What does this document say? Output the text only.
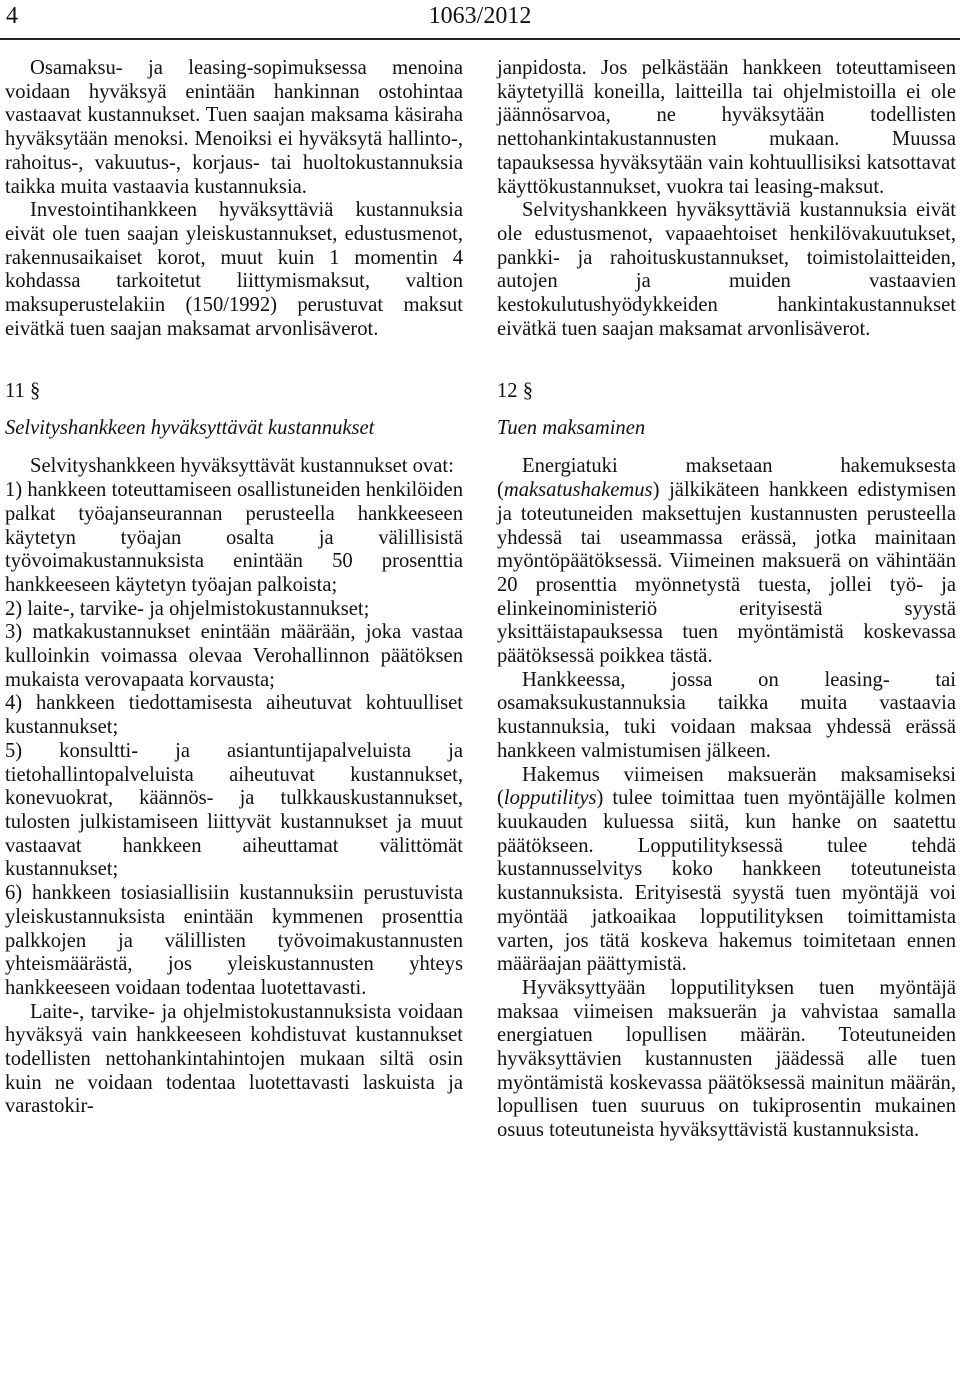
4	1063/2012

Osamaksu- ja leasing-sopimuksessa menoina voidaan hyväksyä enintään hankinnan ostohintaa vastaavat kustannukset. Tuen saajan maksama käsiraha hyväksytään menoksi. Menoiksi ei hyväksytä hallinto-, rahoitus-, vakuutus-, korjaus- tai huoltokustannuksia taikka muita vastaavia kustannuksia.

Investointihankkeen hyväksyttäviä kustannuksia eivät ole tuen saajan yleiskustannukset, edustusmenot, rakennusaikaiset korot, muut kuin 1 momentin 4 kohdassa tarkoitetut liittymismaksut, valtion maksuperustelakiin (150/1992) perustuvat maksut eivätkä tuen saajan maksamat arvonlisäverot.

11 §

Selvityshankkeen hyväksyttävät kustannukset

Selvityshankkeen hyväksyttävät kustannukset ovat:

1) hankkeen toteuttamiseen osallistuneiden henkilöiden palkat työajanseurannan perusteella hankkeeseen käytetyn työajan osalta ja välillisistä työvoimakustannuksista enintään 50 prosenttia hankkeeseen käytetyn työajan palkoista;

2) laite-, tarvike- ja ohjelmistokustannukset;

3) matkakustannukset enintään määrään, joka vastaa kulloinkin voimassa olevaa Verohallinnon päätöksen mukaista verovapaata korvausta;

4) hankkeen tiedottamisesta aiheutuvat kohtuulliset kustannukset;

5) konsultti- ja asiantuntijapalveluista ja tietohallintopalveluista aiheutuvat kustannukset, konevuokrat, käännös- ja tulkkauskustannukset, tulosten julkistamiseen liittyvät kustannukset ja muut vastaavat hankkeen aiheuttamat välittömät kustannukset;

6) hankkeen tosiasiallisiin kustannuksiin perustuvista yleiskustannuksista enintään kymmenen prosenttia palkkojen ja välillisten työvoimakustannusten yhteismäärästä, jos yleiskustannusten yhteys hankkeeseen voidaan todentaa luotettavasti.

Laite-, tarvike- ja ohjelmistokustannuksista voidaan hyväksyä vain hankkeeseen kohdistuvat kustannukset todellisten nettohankintahintojen mukaan siltä osin kuin ne voidaan todentaa luotettavasti laskuista ja varastokir-

janpidosta. Jos pelkästään hankkeen toteuttamiseen käytetyillä koneilla, laitteilla tai ohjelmistoilla ei ole jäännösarvoa, ne hyväksytään todellisten nettohankintakustannusten mukaan. Muussa tapauksessa hyväksytään vain kohtuullisiksi katsottavat käyttökustannukset, vuokra tai leasing-maksut.

Selvityshankkeen hyväksyttäviä kustannuksia eivät ole edustusmenot, vapaaehtoiset henkilövakuutukset, pankki- ja rahoituskustannukset, toimistolaitteiden, autojen ja muiden vastaavien kestokulutushyödykkeiden hankintakustannukset eivätkä tuen saajan maksamat arvonlisäverot.

12 §

Tuen maksaminen

Energiatuki maksetaan hakemuksesta (maksatushakemus) jälkikäteen hankkeen edistymisen ja toteutuneiden maksettujen kustannusten perusteella yhdessä tai useammassa erässä, jotka mainitaan myöntöpäätöksessä. Viimeinen maksuerä on vähintään 20 prosenttia myönnetystä tuesta, jollei työ- ja elinkeinoministeriö erityisestä syystä yksittäistapauksessa tuen myöntämistä koskevassa päätöksessä poikkea tästä.

Hankkeessa, jossa on leasing- tai osamaksukustannuksia taikka muita vastaavia kustannuksia, tuki voidaan maksaa yhdessä erässä hankkeen valmistumisen jälkeen.

Hakemus viimeisen maksuerän maksamiseksi (lopputilitys) tulee toimittaa tuen myöntäjälle kolmen kuukauden kuluessa siitä, kun hanke on saatettu päätökseen. Lopputilityksessä tulee tehdä kustannusselvitys koko hankkeen toteutuneista kustannuksista. Erityisestä syystä tuen myöntäjä voi myöntää jatkoaikaa lopputilityksen toimittamista varten, jos tätä koskeva hakemus toimitetaan ennen määräajan päättymistä.

Hyväksyttyään lopputilityksen tuen myöntäjä maksaa viimeisen maksuerän ja vahvistaa samalla energiatuen lopullisen määrän. Toteutuneiden hyväksyttävien kustannusten jäädessä alle tuen myöntämistä koskevassa päätöksessä mainitun määrän, lopullisen tuen suuruus on tukiprosentin mukainen osuus toteutuneista hyväksyttävistä kustannuksista.
